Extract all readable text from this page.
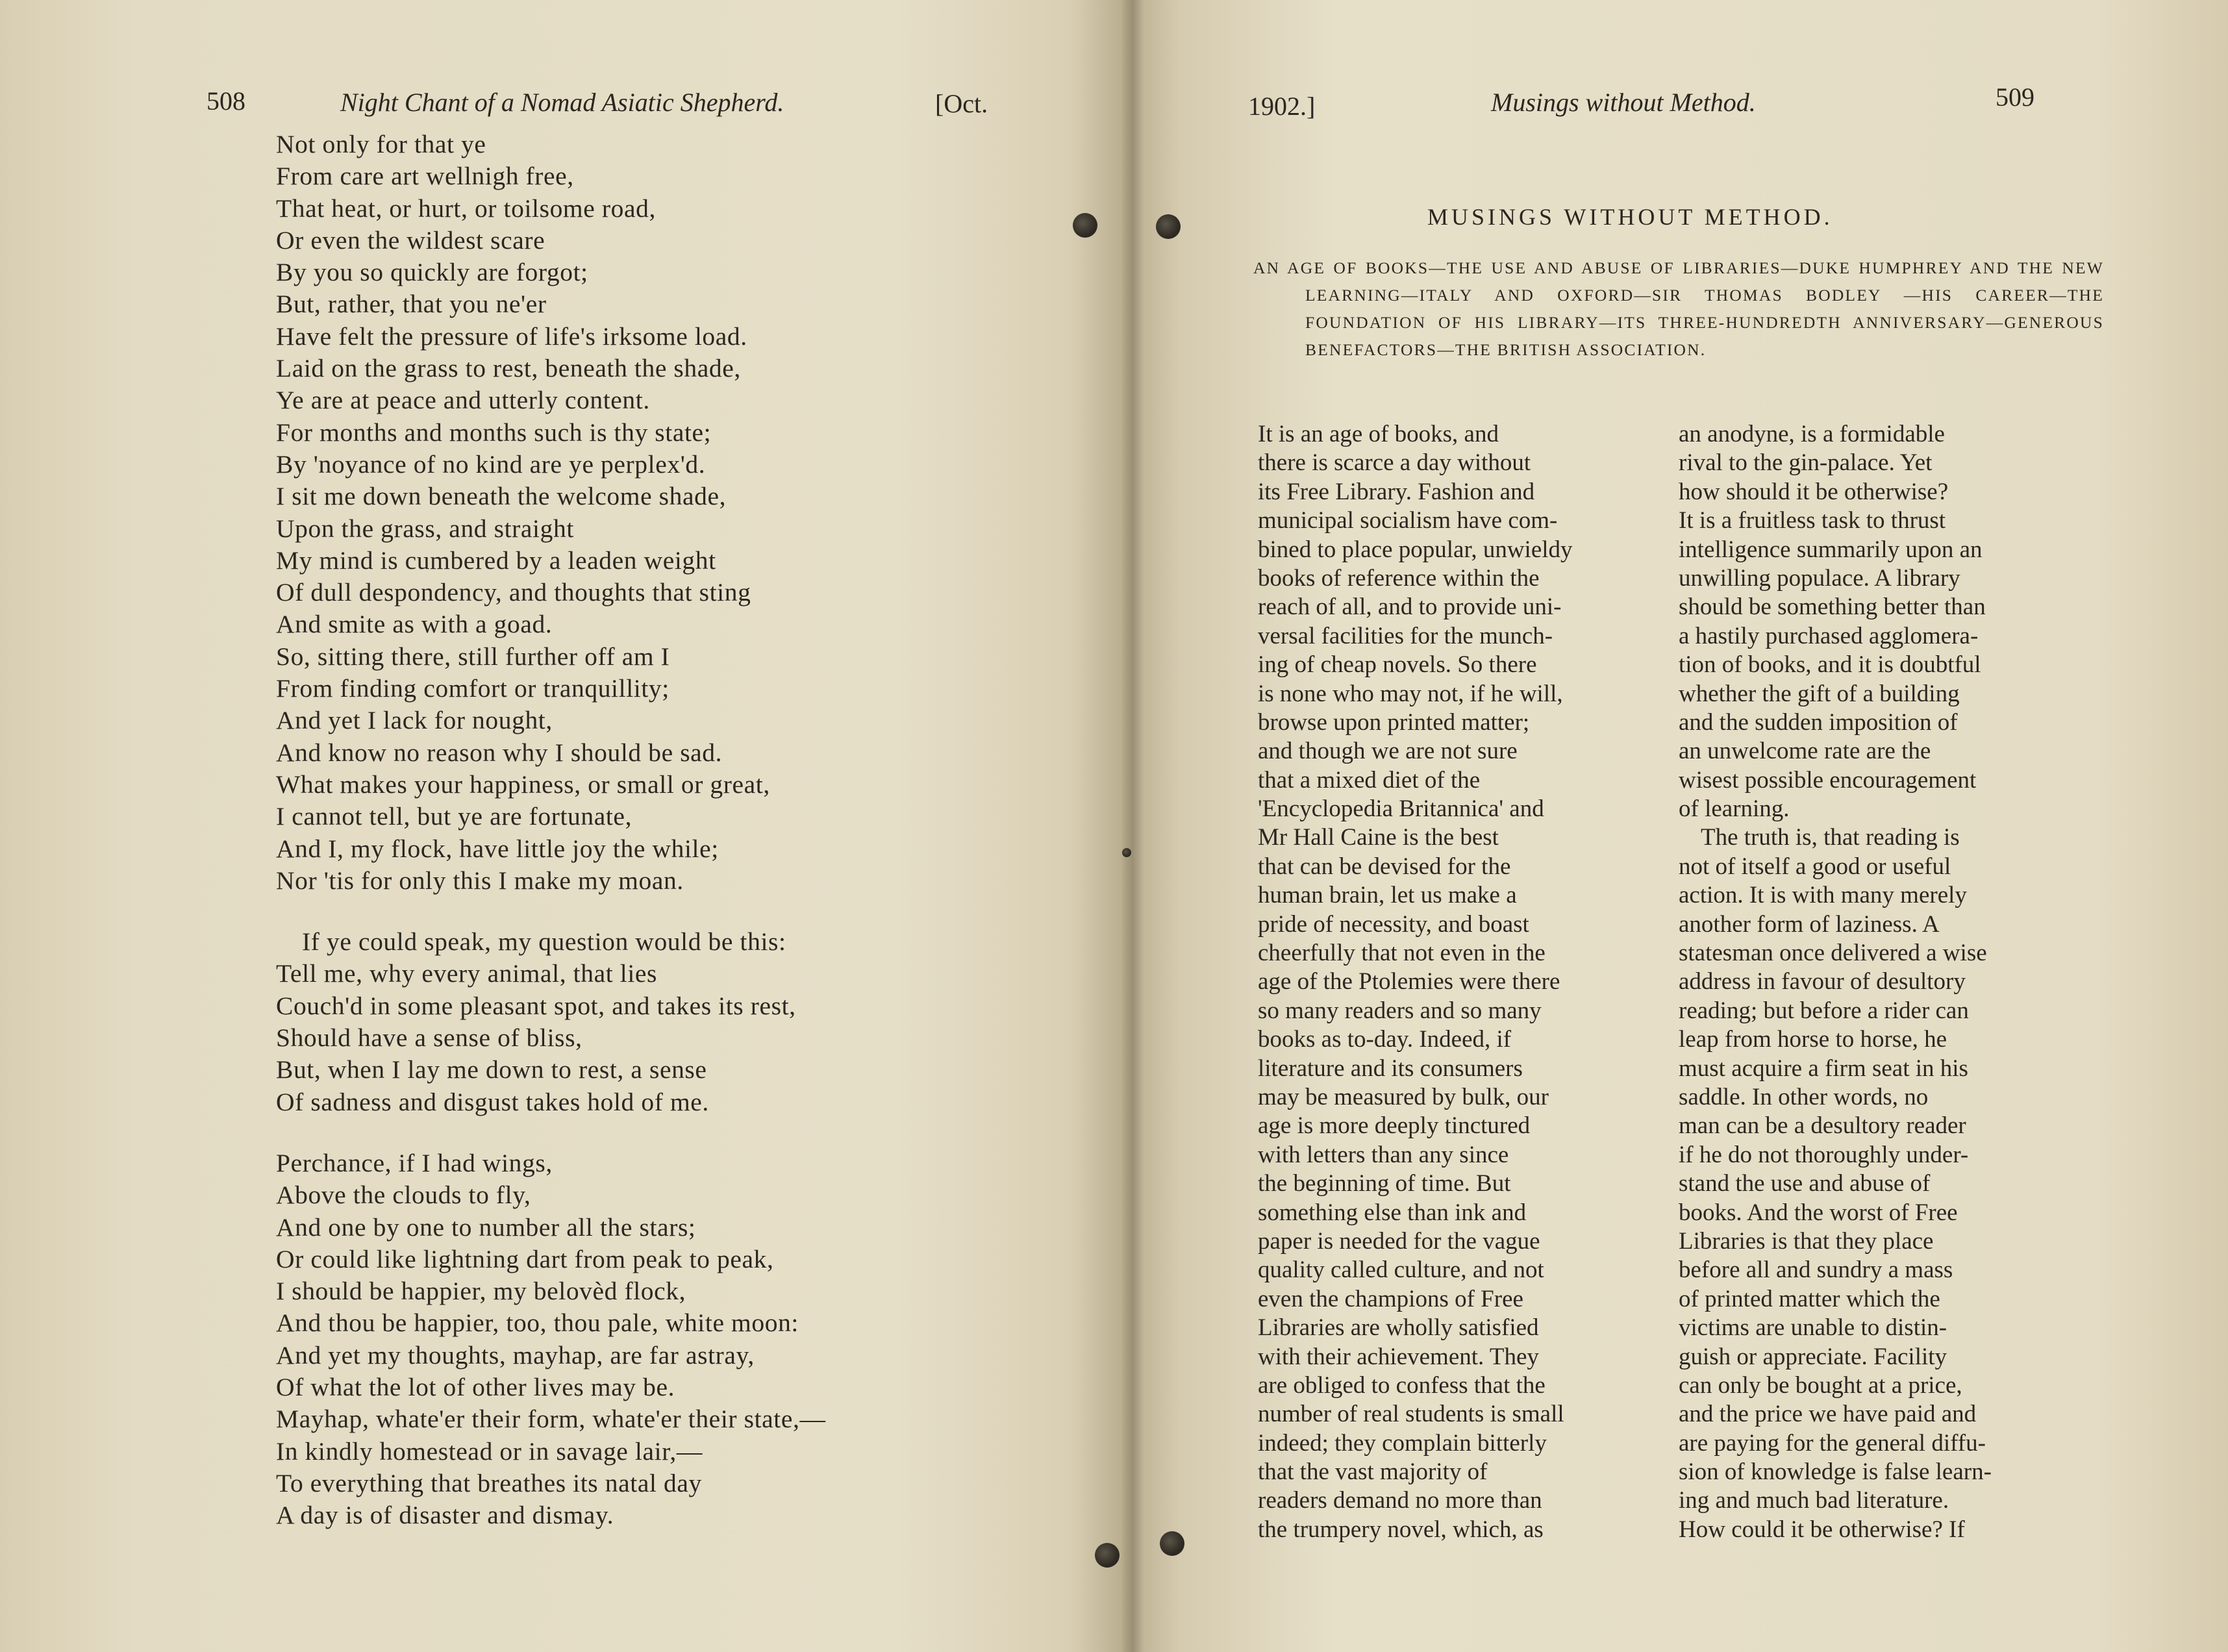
508	Night Chant of a Nomad Asiatic Shepherd.	[Oct.
Not only for that ye
From care art wellnigh free,
That heat, or hurt, or toilsome road,
Or even the wildest scare
By you so quickly are forgot;
But, rather, that you ne'er
Have felt the pressure of life's irksome load.
Laid on the grass to rest, beneath the shade,
Ye are at peace and utterly content.
For months and months such is thy state;
By 'noyance of no kind are ye perplex'd.
I sit me down beneath the welcome shade,
Upon the grass, and straight
My mind is cumbered by a leaden weight
Of dull despondency, and thoughts that sting
And smite as with a goad.
So, sitting there, still further off am I
From finding comfort or tranquillity;
And yet I lack for nought,
And know no reason why I should be sad.
What makes your happiness, or small or great,
I cannot tell, but ye are fortunate,
And I, my flock, have little joy the while;
Nor 'tis for only this I make my moan.
If ye could speak, my question would be this:
Tell me, why every animal, that lies
Couch'd in some pleasant spot, and takes its rest,
Should have a sense of bliss,
But, when I lay me down to rest, a sense
Of sadness and disgust takes hold of me.
Perchance, if I had wings,
Above the clouds to fly,
And one by one to number all the stars;
Or could like lightning dart from peak to peak,
I should be happier, my belovèd flock,
And thou be happier, too, thou pale, white moon:
And yet my thoughts, mayhap, are far astray,
Of what the lot of other lives may be.
Mayhap, whate'er their form, whate'er their state,—
In kindly homestead or in savage lair,—
To everything that breathes its natal day
A day is of disaster and dismay.
1902.]	Musings without Method.	509
MUSINGS WITHOUT METHOD.
AN AGE OF BOOKS—THE USE AND ABUSE OF LIBRARIES—DUKE HUMPHREY AND THE NEW LEARNING—ITALY AND OXFORD—SIR THOMAS BODLEY —HIS CAREER—THE FOUNDATION OF HIS LIBRARY—ITS THREE-HUNDREDTH ANNIVERSARY—GENEROUS BENEFACTORS—THE BRITISH ASSOCIATION.
It is an age of books, and
there is scarce a day without
its Free Library. Fashion and
municipal socialism have com-
bined to place popular, unwieldy
books of reference within the
reach of all, and to provide uni-
versal facilities for the munch-
ing of cheap novels. So there
is none who may not, if he will,
browse upon printed matter;
and though we are not sure
that a mixed diet of the
'Encyclopedia Britannica' and
Mr Hall Caine is the best
that can be devised for the
human brain, let us make a
pride of necessity, and boast
cheerfully that not even in the
age of the Ptolemies were there
so many readers and so many
books as to-day. Indeed, if
literature and its consumers
may be measured by bulk, our
age is more deeply tinctured
with letters than any since
the beginning of time. But
something else than ink and
paper is needed for the vague
quality called culture, and not
even the champions of Free
Libraries are wholly satisfied
with their achievement. They
are obliged to confess that the
number of real students is small
indeed; they complain bitterly
that the vast majority of
readers demand no more than
the trumpery novel, which, as
an anodyne, is a formidable
rival to the gin-palace. Yet
how should it be otherwise?
It is a fruitless task to thrust
intelligence summarily upon an
unwilling populace. A library
should be something better than
a hastily purchased agglomera-
tion of books, and it is doubtful
whether the gift of a building
and the sudden imposition of
an unwelcome rate are the
wisest possible encouragement
of learning.
The truth is, that reading is
not of itself a good or useful
action. It is with many merely
another form of laziness. A
statesman once delivered a wise
address in favour of desultory
reading; but before a rider can
leap from horse to horse, he
must acquire a firm seat in his
saddle. In other words, no
man can be a desultory reader
if he do not thoroughly under-
stand the use and abuse of
books. And the worst of Free
Libraries is that they place
before all and sundry a mass
of printed matter which the
victims are unable to distin-
guish or appreciate. Facility
can only be bought at a price,
and the price we have paid and
are paying for the general diffu-
sion of knowledge is false learn-
ing and much bad literature.
How could it be otherwise? If
